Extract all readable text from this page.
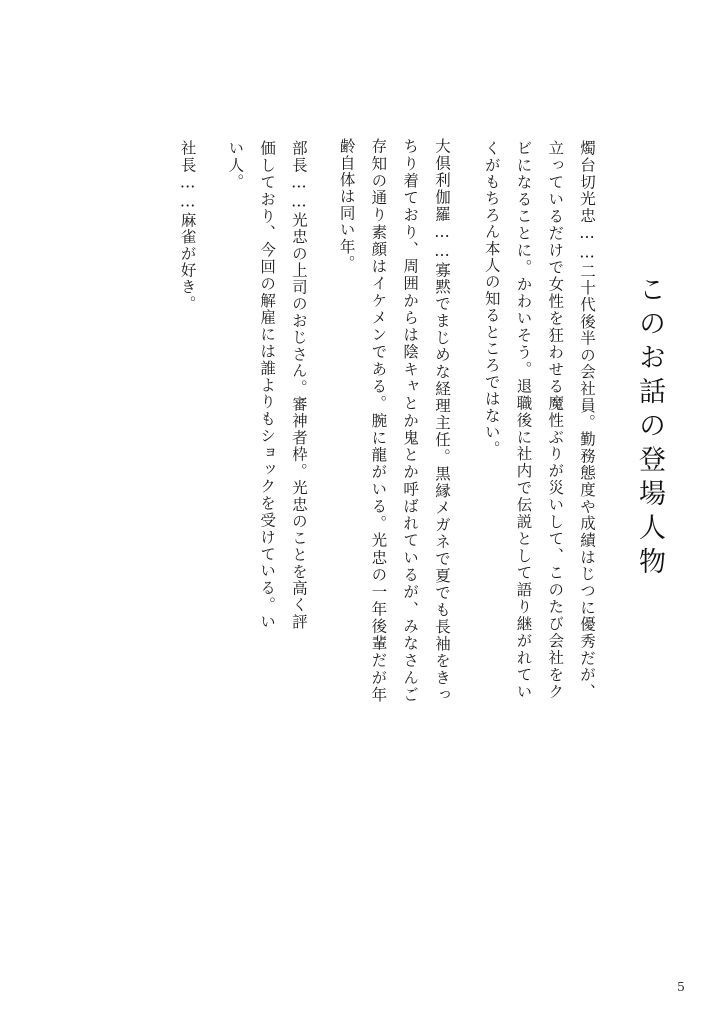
このお話の登場人物
燭台切光忠……二十代後半の会社員。勤務態度や成績はじつに優秀だが、立っているだけで女性を狂わせる魔性ぶりが災いして、このたび会社をクビになることに。かわいそう。退職後に社内で伝説として語り継がれていくがもちろん本人の知るところではない。
大倶利伽羅……寡黙でまじめな経理主任。黒縁メガネで夏でも長袖をきっちり着ており、周囲からは陰キャとか鬼とか呼ばれているが、みなさんご存知の通り素顔はイケメンである。腕に龍がいる。光忠の一年後輩だが年齢自体は同い年。
部長……光忠の上司のおじさん。審神者枠。光忠のことを高く評価しており、今回の解雇には誰よりもショックを受けている。いい人。
社長……麻雀が好き。
5
